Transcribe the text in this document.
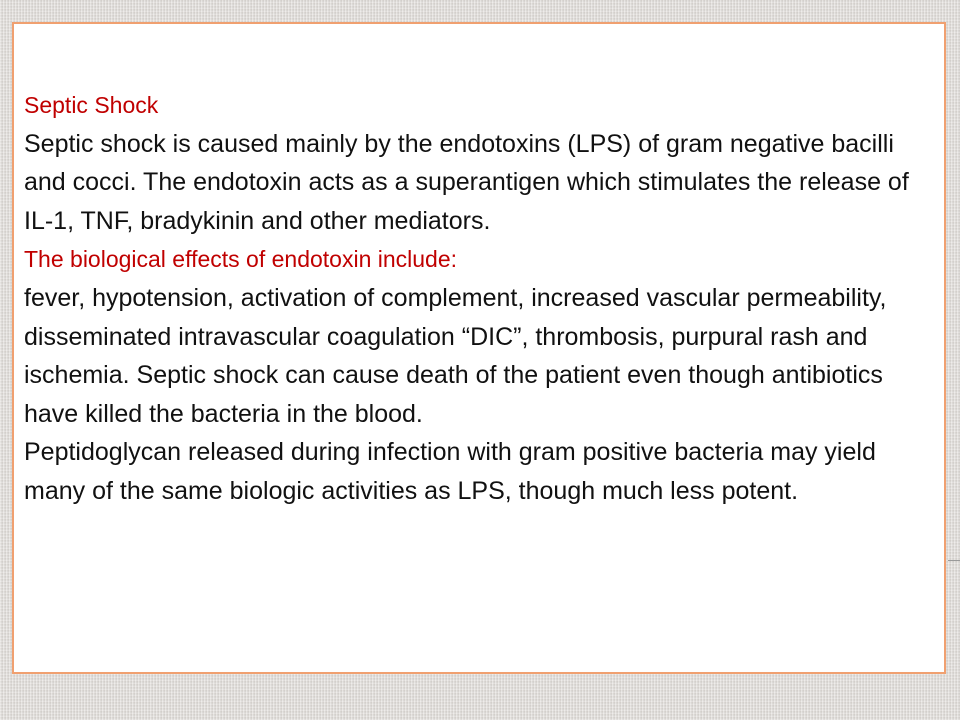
Septic Shock

Septic shock is caused mainly by the endotoxins (LPS) of gram negative bacilli and cocci. The endotoxin acts as a superantigen which stimulates the release of IL-1, TNF, bradykinin and other mediators.

The biological effects of endotoxin include:

fever, hypotension, activation of complement, increased vascular permeability, disseminated intravascular coagulation “DIC”, thrombosis, purpural rash and ischemia. Septic shock can cause death of the patient even though antibiotics have killed the bacteria in the blood.

Peptidoglycan released during infection with gram positive bacteria may yield many of the same biologic activities as LPS, though much less potent.
